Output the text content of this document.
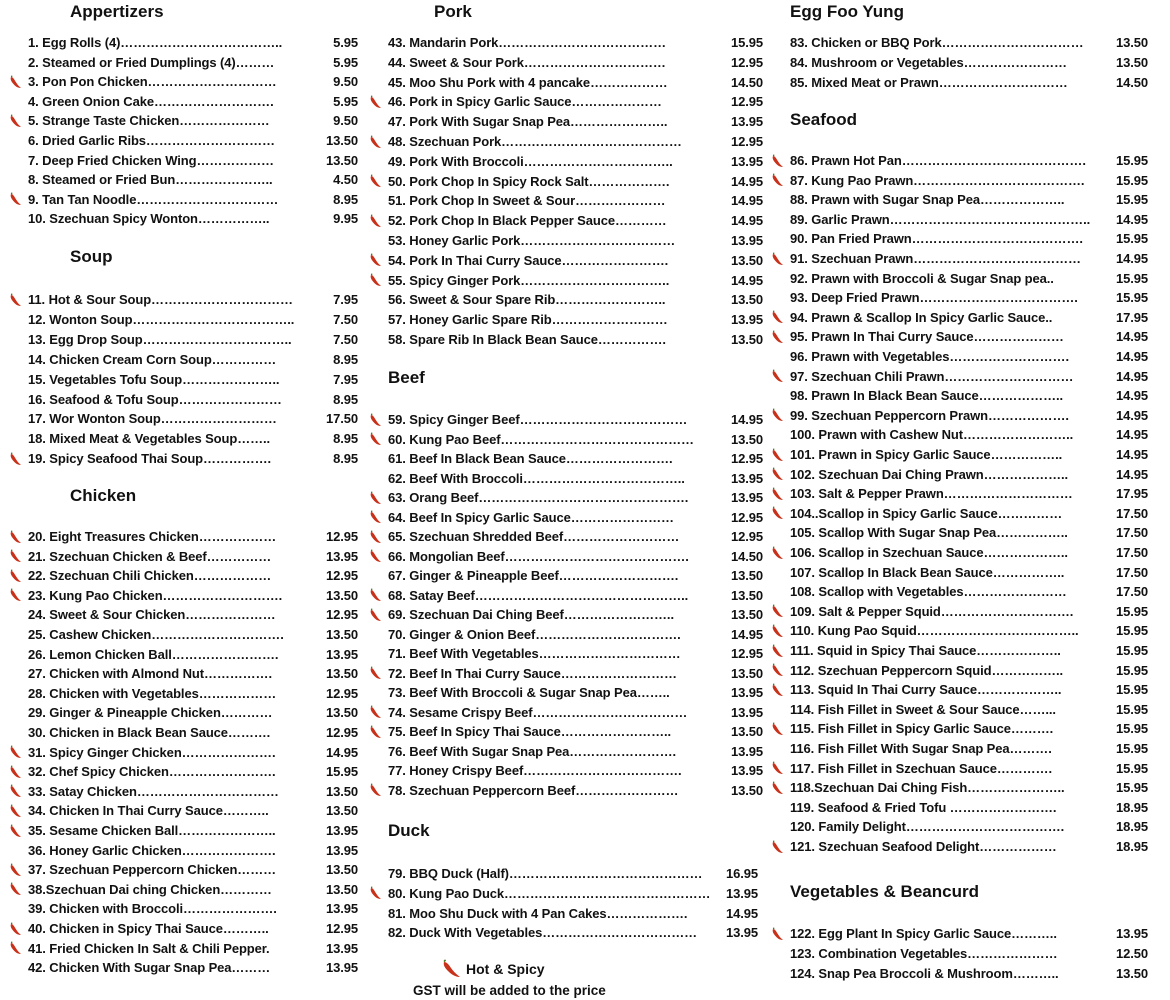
Appertizers
1. Egg Rolls (4)………………………………..	5.95
2. Steamed or Fried Dumplings (4)………	5.95
3. Pon Pon Chicken…………………………	9.50
4. Green Onion Cake……………………….	5.95
5. Strange Taste Chicken…………………	9.50
6. Dried Garlic Ribs…………………………	13.50
7. Deep Fried Chicken Wing………………	13.50
8. Steamed or Fried Bun…………………..	4.50
9. Tan Tan Noodle……………………………	8.95
10. Szechuan Spicy Wonton……………..	9.95
Soup
11. Hot & Sour Soup……………………………	7.95
12. Wonton Soup………………………………..	7.50
13. Egg Drop Soup……………………………..	7.50
14. Chicken Cream Corn Soup……………	8.95
15. Vegetables Tofu Soup…………………..	7.95
16. Seafood & Tofu Soup……………………	8.95
17. Wor Wonton Soup………………………	17.50
18. Mixed Meat & Vegetables Soup……..	8.95
19. Spicy Seafood Thai Soup…………….	8.95
Chicken
20. Eight Treasures Chicken………………	12.95
21. Szechuan Chicken & Beef……………	13.95
22. Szechuan Chili Chicken………………	12.95
23. Kung Pao Chicken……………………….	13.50
24. Sweet & Sour Chicken…………………	12.95
25. Cashew Chicken………………………….	13.50
26. Lemon Chicken Ball…………………….	13.95
27. Chicken with Almond Nut…………….	13.50
28. Chicken with Vegetables………………	12.95
29. Ginger & Pineapple Chicken…………	13.50
30. Chicken in Black Bean Sauce……….	12.95
31. Spicy Ginger Chicken………………….	14.95
32. Chef Spicy Chicken…………………….	15.95
33. Satay Chicken……………………………	13.50
34. Chicken In Thai Curry Sauce………..	13.50
35. Sesame Chicken Ball…………………..	13.95
36. Honey Garlic Chicken………………….	13.95
37. Szechuan Peppercorn Chicken………	13.50
38.Szechuan Dai ching Chicken…………	13.50
39. Chicken with Broccoli………………….	13.95
40. Chicken in Spicy Thai Sauce………..	12.95
41. Fried Chicken In Salt & Chili Pepper.	13.95
42. Chicken With Sugar Snap Pea………	13.95
Pork
43. Mandarin Pork…………………………………	15.95
44. Sweet & Sour Pork……………………………	12.95
45. Moo Shu Pork with 4 pancake………………	14.50
46. Pork in Spicy Garlic Sauce…………………	12.95
47. Pork With Sugar Snap Pea…………………..	13.95
48. Szechuan Pork……………………………………	12.95
49. Pork With Broccoli……………………………..	13.95
50. Pork Chop In Spicy Rock Salt……………….	14.95
51. Pork Chop In Sweet & Sour…………………	14.95
52. Pork Chop In Black Pepper Sauce…………	14.95
53. Honey Garlic Pork………………………………	13.95
54. Pork In Thai Curry Sauce…………………….	13.50
55. Spicy Ginger Pork……………………………..	14.95
56. Sweet & Sour Spare Rib……………………..	13.50
57. Honey Garlic Spare Rib………………………	13.95
58. Spare Rib In Black Bean Sauce…………….	13.50
Beef
59. Spicy Ginger Beef…………………………………	14.95
60. Kung Pao Beef………………………………………	13.50
61. Beef In Black Bean Sauce…………………….	12.95
62. Beef With Broccoli………………………………..	13.95
63. Orang Beef………………………………………….	13.95
64. Beef In Spicy Garlic Sauce……………………	12.95
65. Szechuan Shredded Beef………………………	12.95
66. Mongolian Beef…………………………………….	14.50
67. Ginger & Pineapple Beef……………………….	13.50
68. Satay Beef…………………………………………..	13.50
69. Szechuan Dai Ching Beef……………………..	13.50
70. Ginger & Onion Beef…………………………….	14.95
71. Beef With Vegetables……………………………	12.95
72. Beef In Thai Curry Sauce………………………	13.50
73. Beef With Broccoli & Sugar Snap Pea……..	13.95
74. Sesame Crispy Beef………………………………	13.95
75. Beef In Spicy Thai Sauce……………………..	13.50
76. Beef With Sugar Snap Pea…………………….	13.95
77. Honey Crispy Beef……………………………….	13.95
78. Szechuan Peppercorn Beef……………………	13.50
Duck
79. BBQ Duck (Half)………………………………………	16.95
80. Kung Pao Duck…………………………………………	13.95
81. Moo Shu Duck with 4 Pan Cakes……………….	14.95
82. Duck With Vegetables………………………………	13.95
Egg Foo Yung
83. Chicken or BBQ Pork……………………………	13.50
84. Mushroom or Vegetables……………………	13.50
85. Mixed Meat or Prawn…………………………	14.50
Seafood
86. Prawn Hot Pan…………………………………….	15.95
87. Kung Pao Prawn………………………………….	15.95
88. Prawn with Sugar Snap Pea………………..	15.95
89. Garlic Prawn………………………………………..	14.95
90. Pan Fried Prawn………………………………….	15.95
91. Szechuan Prawn…………………………………	14.95
92. Prawn with Broccoli & Sugar Snap pea..	15.95
93. Deep Fried Prawn……………………………….	15.95
94. Prawn & Scallop In Spicy Garlic Sauce..	17.95
95. Prawn In Thai Curry Sauce…………………	14.95
96. Prawn with Vegetables……………………….	14.95
97. Szechuan Chili Prawn…………………………	14.95
98. Prawn In Black Bean Sauce………………..	14.95
99. Szechuan Peppercorn Prawn……………….	14.95
100. Prawn with Cashew Nut……………………..	14.95
101. Prawn in Spicy Garlic Sauce……………..	14.95
102. Szechuan Dai Ching Prawn………………..	14.95
103. Salt & Pepper Prawn…………………………	17.95
104..Scallop in Spicy Garlic Sauce……………	17.50
105. Scallop With Sugar Snap Pea……………..	17.50
106. Scallop in Szechuan Sauce………………..	17.50
107. Scallop In Black Bean Sauce……………..	17.50
108. Scallop with Vegetables……………………	17.50
109. Salt & Pepper Squid………………………….	15.95
110. Kung Pao Squid………………………………..	15.95
111. Squid in Spicy Thai Sauce………………..	15.95
112. Szechuan Peppercorn Squid……………..	15.95
113. Squid In Thai Curry Sauce………………..	15.95
114. Fish Fillet in Sweet & Sour Sauce……...	15.95
115. Fish Fillet in Spicy Garlic Sauce……….	15.95
116. Fish Fillet With Sugar Snap Pea……….	15.95
117. Fish Fillet in Szechuan Sauce………….	15.95
118.Szechuan Dai Ching Fish…………………..	15.95
119. Seafood & Fried Tofu …………………….	18.95
120. Family Delight……………………………….	18.95
121. Szechuan Seafood Delight………………	18.95
Vegetables & Beancurd
122. Egg Plant In Spicy Garlic Sauce………..	13.95
123. Combination Vegetables…………………	12.50
124. Snap Pea Broccoli & Mushroom………..	13.50
Hot & Spicy
GST will be added to the price
